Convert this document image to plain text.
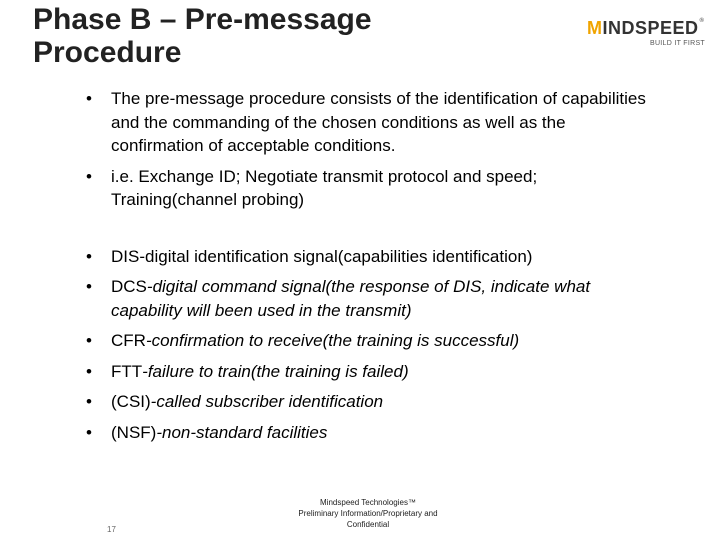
Phase B – Pre-message Procedure
MINDSPEED®
BUILD IT FIRST
• The pre-message procedure consists of the identification of capabilities and the commanding of the chosen conditions as well as the confirmation of acceptable conditions.
• i.e. Exchange ID; Negotiate transmit protocol and speed; Training(channel probing)
• DIS-digital identification signal(capabilities identification)
• DCS-digital command signal(the response of DIS, indicate what capability will been used in the transmit)
• CFR-confirmation to receive(the training is successful)
• FTT-failure to train(the training is failed)
• (CSI)-called subscriber identification
• (NSF)-non-standard facilities
17
Mindspeed Technologies™
Preliminary Information/Proprietary and
Confidential
